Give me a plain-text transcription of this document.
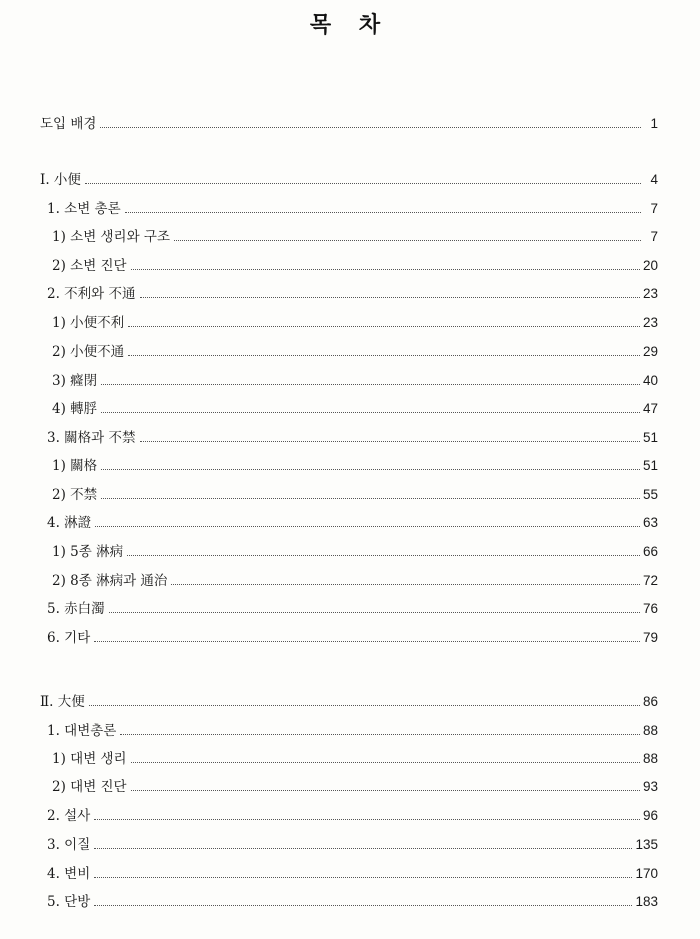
목 차
도입 배경	1
Ⅰ. 小便	4
1. 소변 총론	7
1) 소변 생리와 구조	7
2) 소변 진단	20
2. 不利와 不通	23
1) 小便不利	23
2) 小便不通	29
3) 癃閉	40
4) 轉脬	47
3. 關格과 不禁	51
1) 關格	51
2) 不禁	55
4. 淋證	63
1) 5종 淋病	66
2) 8종 淋病과 通治	72
5. 赤白濁	76
6. 기타	79
Ⅱ. 大便	86
1. 대변총론	88
1) 대변 생리	88
2) 대변 진단	93
2. 설사	96
3. 이질	135
4. 변비	170
5. 단방	183
